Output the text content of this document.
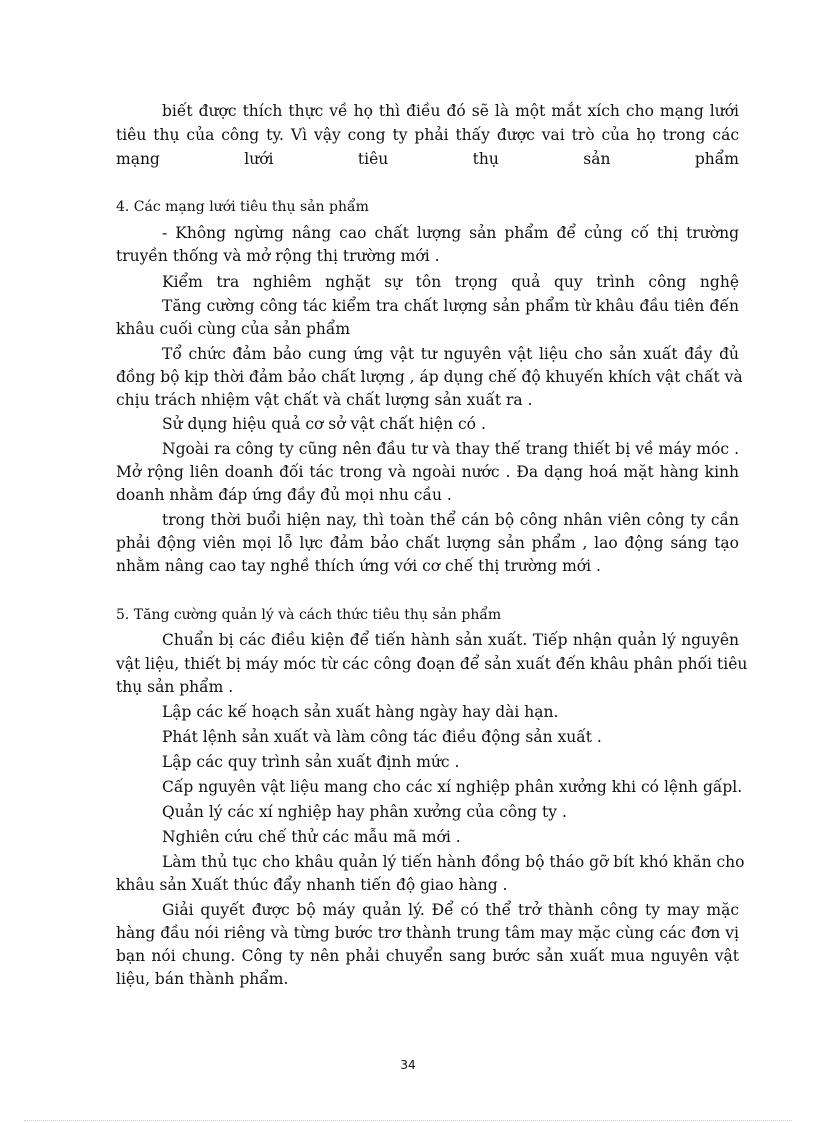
biết được thích thực về họ thì điều đó sẽ là một mắt xích cho mạng lưới
tiêu thụ của công ty. Vì vậy cong ty phải thấy được vai trò của họ trong các
mạng lưới tiêu thụ sản phẩm
4. Các mạng lưới tiêu thụ sản phẩm
- Không ngừng nâng cao chất lượng sản phẩm để củng cố thị trường
truyền thống và mở rộng thị trường mới .
Kiểm tra nghiêm nghặt sự tôn trọng quả quy trình công nghệ
Tăng cường công tác kiểm tra chất lượng sản phẩm từ khâu đầu tiên đến
khâu cuối cùng của sản phẩm
Tổ chức đảm bảo cung ứng vật tư nguyên vật liệu cho sản xuất đầy đủ
đồng bộ kịp thời đảm bảo chất lượng , áp dụng chế độ khuyến khích vật chất và
chịu trách nhiệm vật chất và chất lượng sản xuất ra .
Sử dụng hiệu quả cơ sở vật chất hiện có .
Ngoài ra công ty cũng nên đầu tư và thay thế trang thiết bị về máy móc .
Mở rộng liên doanh đối tác trong và ngoài nước . Đa dạng hoá mặt hàng kinh
doanh nhằm đáp ứng đầy đủ mọi nhu cầu .
trong thời buổi hiện nay, thì toàn thể cán bộ công nhân viên công ty cần
phải động viên mọi lỗ lực đảm bảo chất lượng sản phẩm , lao động sáng tạo
nhằm nâng cao tay nghề thích ứng với cơ chế thị trường mới .
5. Tăng cường quản lý và cách thức tiêu thụ sản phẩm
Chuẩn bị các điều kiện để tiến hành sản xuất. Tiếp nhận quản lý nguyên
vật liệu, thiết bị máy móc từ các công đoạn để sản xuất đến khâu phân phối tiêu
thụ sản phẩm .
Lập các kế hoạch sản xuất hàng ngày hay dài hạn.
Phát lệnh sản xuất và làm công tác điều động sản xuất .
Lập các quy trình sản xuất định mức .
Cấp nguyên vật liệu mang cho các xí nghiệp phân xưởng khi có lệnh gấpl.
Quản lý các xí nghiệp hay phân xưởng của công ty .
Nghiên cứu chế thử các mẫu mã mới .
Làm thủ tục cho khâu quản lý tiến hành đồng bộ tháo gỡ bít khó khăn cho
khâu sản Xuất thúc đẩy nhanh tiến độ giao hàng .
Giải quyết được bộ máy quản lý. Để có thể trở thành công ty may mặc
hàng đầu nói riêng và từng bước trơ thành trung tâm may mặc cùng các đơn vị
bạn nói chung. Công ty nên phải chuyển sang bước sản xuất mua nguyên vật
liệu, bán thành phẩm.
34
